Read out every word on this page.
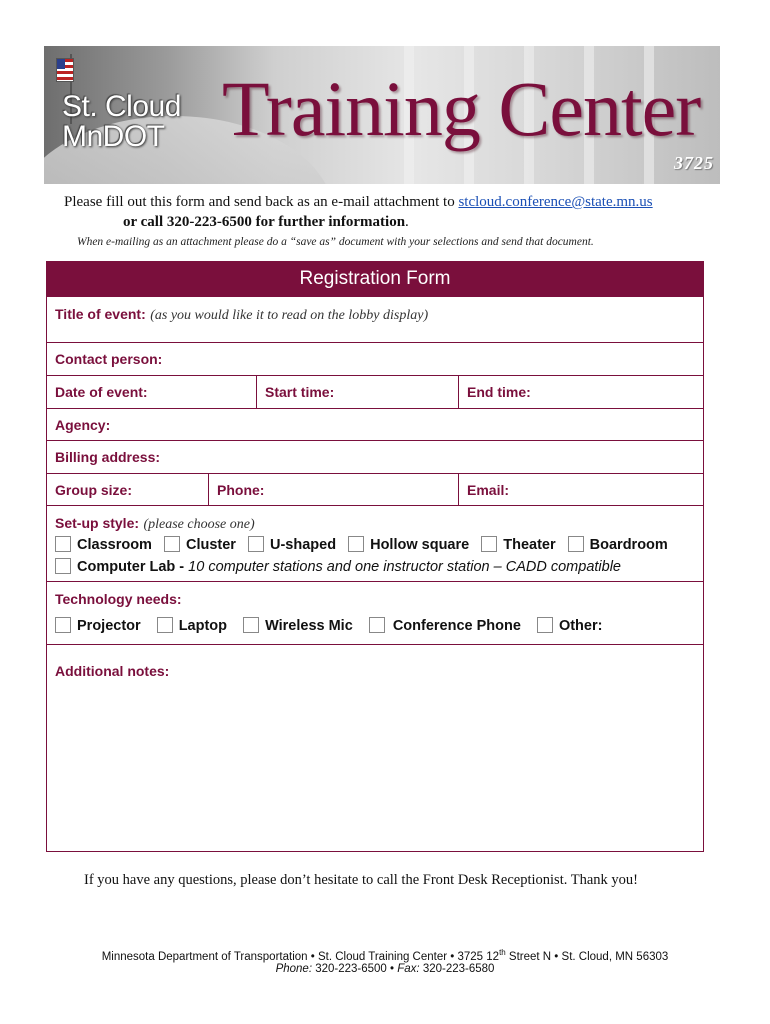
St. Cloud
MnDOT Training Center
3725
Please fill out this form and send back as an e-mail attachment to stcloud.conference@state.mn.us
or call 320-223-6500 for further information.
When e-mailing as an attachment please do a “save as” document with your selections and send that document.
Registration Form
Title of event: (as you would like it to read on the lobby display)
Contact person:
Date of event:	Start time:	End time:
Agency:
Billing address:
Group size:	Phone:	Email:
Set-up style: (please choose one)
Classroom Cluster U-shaped Hollow square Theater Boardroom
Computer Lab - 10 computer stations and one instructor station – CADD compatible
Technology needs:
Projector	Laptop	Wireless Mic	Conference Phone	Other:
Additional notes:
If you have any questions, please don’t hesitate to call the Front Desk Receptionist. Thank you!
Minnesota Department of Transportation • St. Cloud Training Center • 3725 12th Street N • St. Cloud, MN 56303
Phone: 320-223-6500 • Fax: 320-223-6580
